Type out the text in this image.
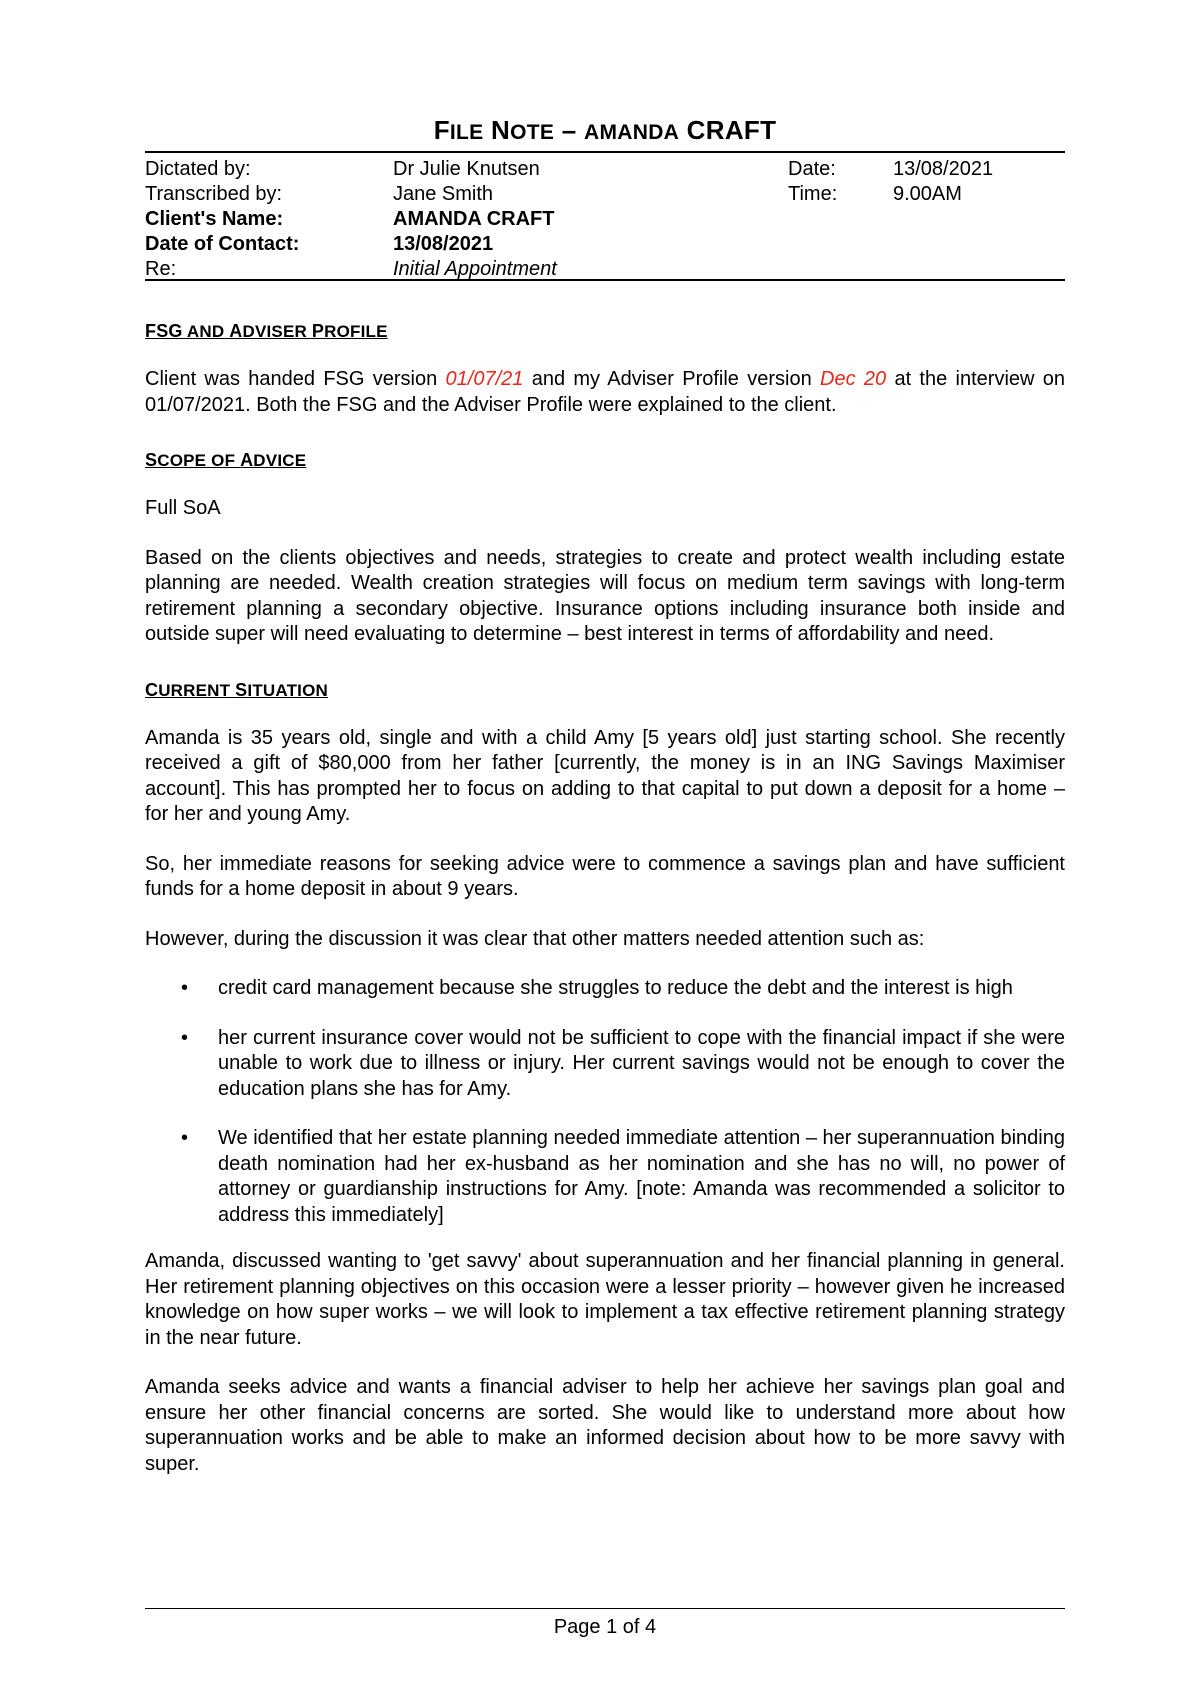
FILE NOTE – AMANDA CRAFT
Dictated by:	Dr Julie Knutsen	Date:	13/08/2021
Transcribed by:	Jane Smith	Time:	9.00AM
Client's Name:	AMANDA CRAFT
Date of Contact:	13/08/2021
Re:	Initial Appointment
FSG AND ADVISER PROFILE

Client was handed FSG version 01/07/21 and my Adviser Profile version Dec 20 at the interview on 01/07/2021. Both the FSG and the Adviser Profile were explained to the client.

SCOPE OF ADVICE

Full SoA

Based on the clients objectives and needs, strategies to create and protect wealth including estate planning are needed. Wealth creation strategies will focus on medium term savings with long-term retirement planning a secondary objective. Insurance options including insurance both inside and outside super will need evaluating to determine – best interest in terms of affordability and need.

CURRENT SITUATION

Amanda is 35 years old, single and with a child Amy [5 years old] just starting school. She recently received a gift of $80,000 from her father [currently, the money is in an ING Savings Maximiser account]. This has prompted her to focus on adding to that capital to put down a deposit for a home – for her and young Amy.

So, her immediate reasons for seeking advice were to commence a savings plan and have sufficient funds for a home deposit in about 9 years.

However, during the discussion it was clear that other matters needed attention such as:

• credit card management because she struggles to reduce the debt and the interest is high
• her current insurance cover would not be sufficient to cope with the financial impact if she were unable to work due to illness or injury. Her current savings would not be enough to cover the education plans she has for Amy.
• We identified that her estate planning needed immediate attention – her superannuation binding death nomination had her ex-husband as her nomination and she has no will, no power of attorney or guardianship instructions for Amy. [note: Amanda was recommended a solicitor to address this immediately]

Amanda, discussed wanting to 'get savvy' about superannuation and her financial planning in general. Her retirement planning objectives on this occasion were a lesser priority – however given he increased knowledge on how super works – we will look to implement a tax effective retirement planning strategy in the near future.

Amanda seeks advice and wants a financial adviser to help her achieve her savings plan goal and ensure her other financial concerns are sorted. She would like to understand more about how superannuation works and be able to make an informed decision about how to be more savvy with super.

Page 1 of 4
